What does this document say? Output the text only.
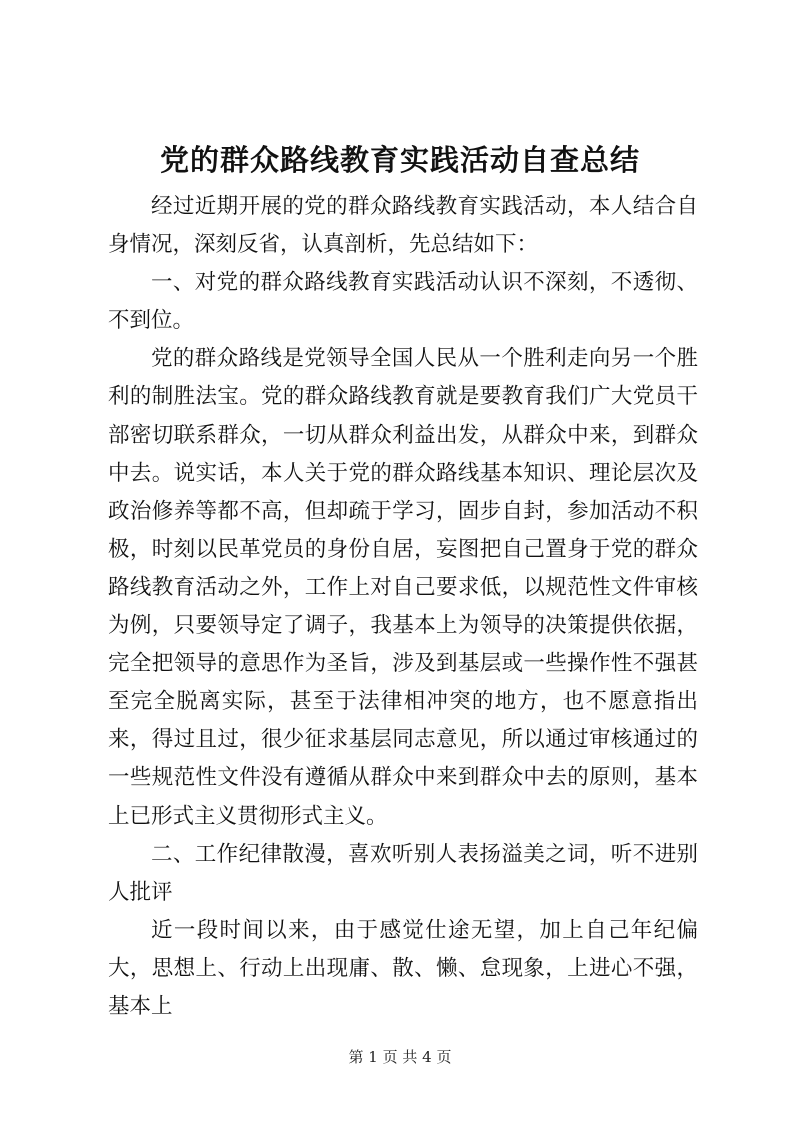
党的群众路线教育实践活动自查总结

经过近期开展的党的群众路线教育实践活动，本人结合自身情况，深刻反省，认真剖析，先总结如下：

一、对党的群众路线教育实践活动认识不深刻，不透彻、不到位。

党的群众路线是党领导全国人民从一个胜利走向另一个胜利的制胜法宝。党的群众路线教育就是要教育我们广大党员干部密切联系群众，一切从群众利益出发，从群众中来，到群众中去。说实话，本人关于党的群众路线基本知识、理论层次及政治修养等都不高，但却疏于学习，固步自封，参加活动不积极，时刻以民革党员的身份自居，妄图把自己置身于党的群众路线教育活动之外，工作上对自己要求低，以规范性文件审核为例，只要领导定了调子，我基本上为领导的决策提供依据，完全把领导的意思作为圣旨，涉及到基层或一些操作性不强甚至完全脱离实际，甚至于法律相冲突的地方，也不愿意指出来，得过且过，很少征求基层同志意见，所以通过审核通过的一些规范性文件没有遵循从群众中来到群众中去的原则，基本上已形式主义贯彻形式主义。

二、工作纪律散漫，喜欢听别人表扬溢美之词，听不进别人批评

近一段时间以来，由于感觉仕途无望，加上自己年纪偏大，思想上、行动上出现庸、散、懒、怠现象，上进心不强，基本上

第 1 页 共 4 页
